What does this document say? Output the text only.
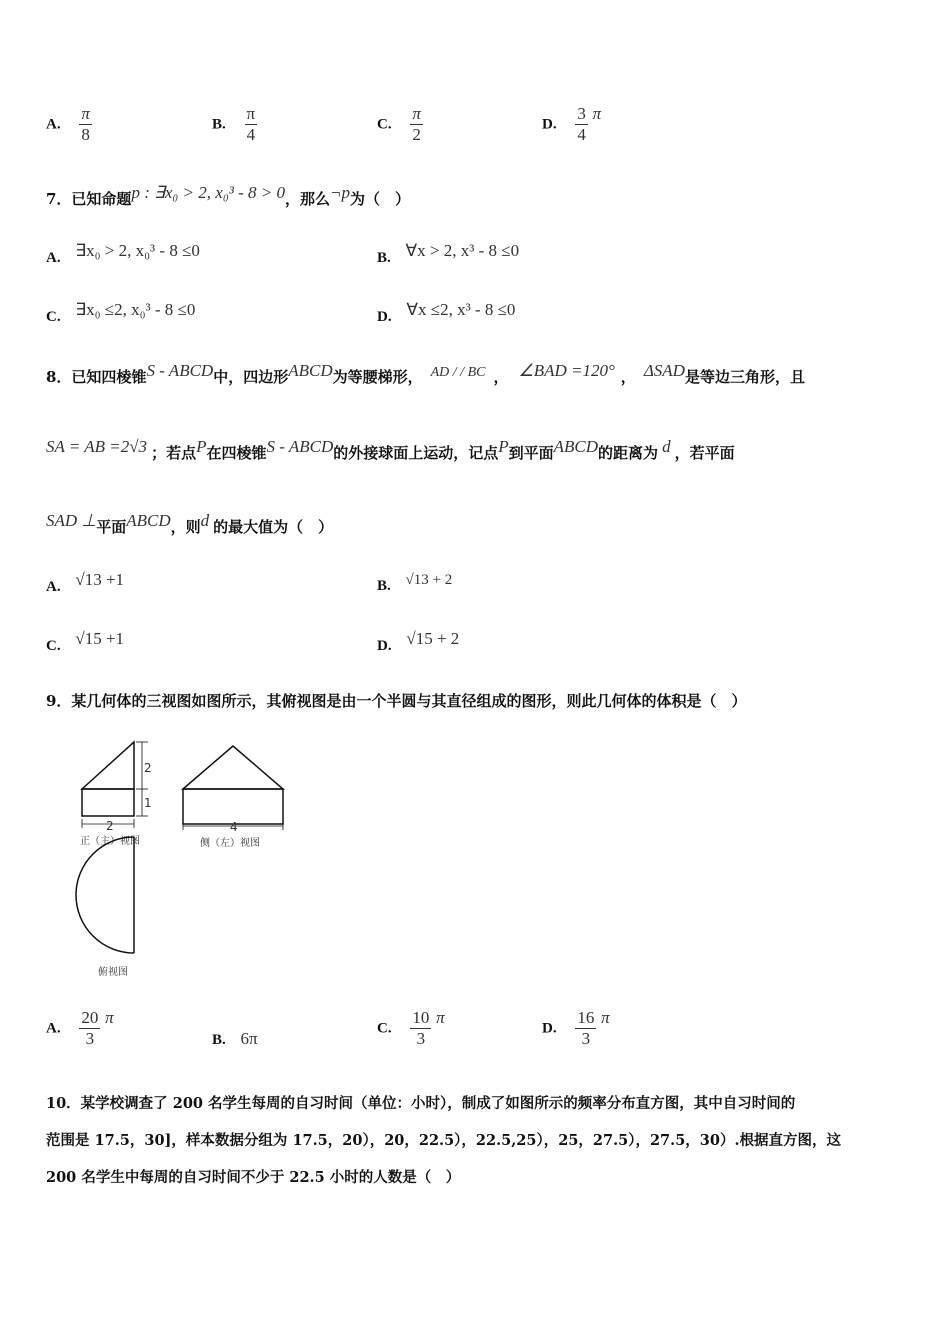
A. $\frac{\pi}{8}$	B. $\frac{\pi}{4}$	C. $\frac{\pi}{2}$	D. $\frac{3}{4}$ π
7．已知命题p : ∃x₀ > 2, x₀³ - 8 > 0，那么¬p为（　）
A. ∃x₀ > 2, x₀³ - 8 ≤0	B. ∀x > 2, x³ - 8 ≤0
C. ∃x₀ ≤2, x₀³ - 8 ≤0	D. ∀x ≤2, x³ - 8 ≤0
8．已知四棱锥S - ABCD中，四边形ABCD为等腰梯形， AD / / BC ， ∠BAD =120° ， ΔSAD是等边三角形，且
SA = AB =2√3 ；若点P在四棱锥S - ABCD的外接球面上运动，记点P到平面ABCD的距离为 d ，若平面
SAD ⊥平面ABCD，则d 的最大值为（　）
A. √13 +1	B. √13 + 2
C. √15 +1	D. √15 + 2
9．某几何体的三视图如图所示，其俯视图是由一个半圆与其直径组成的图形，则此几何体的体积是（　）
2
1
2
正（主）视图
4
侧（左）视图
俯视图
A. $\frac{20}{3}$ π
B. 6π
C. $\frac{10}{3}$ π
D. $\frac{16}{3}$ π
10．某学校调查了 200 名学生每周的自习时间（单位：小时），制成了如图所示的频率分布直方图，其中自习时间的
范围是 17.5，30]，样本数据分组为 17.5，20），20，22.5），22.5,25），25，27.5），27.5，30）.根据直方图，这
200 名学生中每周的自习时间不少于 22.5 小时的人数是（　）
